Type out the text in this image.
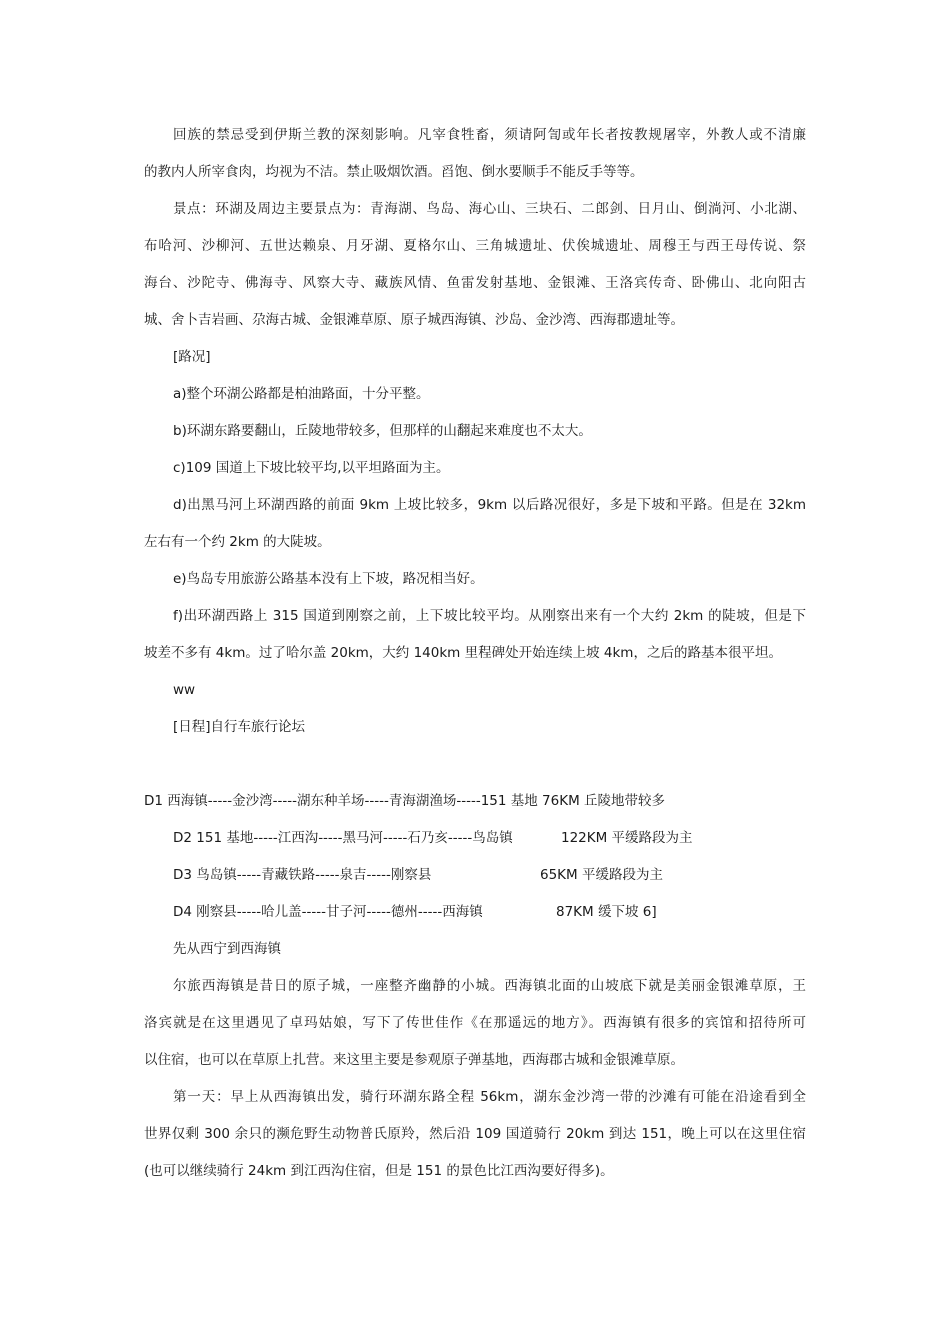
回族的禁忌受到伊斯兰教的深刻影响。凡宰食牲畜，须请阿訇或年长者按教规屠宰，外教人或不清廉
的教内人所宰食肉，均视为不洁。禁止吸烟饮酒。舀饱、倒水要顺手不能反手等等。
景点：环湖及周边主要景点为：青海湖、鸟岛、海心山、三块石、二郎剑、日月山、倒淌河、小北湖、
布哈河、沙柳河、五世达赖泉、月牙湖、夏格尔山、三角城遗址、伏俟城遗址、周穆王与西王母传说、祭
海台、沙陀寺、佛海寺、风察大寺、藏族风情、鱼雷发射基地、金银滩、王洛宾传奇、卧佛山、北向阳古
城、舍卜吉岩画、尕海古城、金银滩草原、原子城西海镇、沙岛、金沙湾、西海郡遗址等。
[路况]
a)整个环湖公路都是柏油路面，十分平整。
b)环湖东路要翻山，丘陵地带较多，但那样的山翻起来难度也不太大。
c)109 国道上下坡比较平均,以平坦路面为主。
d)出黑马河上环湖西路的前面 9km 上坡比较多，9km 以后路况很好，多是下坡和平路。但是在 32km
左右有一个约 2km 的大陡坡。
e)鸟岛专用旅游公路基本没有上下坡，路况相当好。
f)出环湖西路上 315 国道到刚察之前，上下坡比较平均。从刚察出来有一个大约 2km 的陡坡，但是下
坡差不多有 4km。过了哈尔盖 20km，大约 140km 里程碑处开始连续上坡 4km，之后的路基本很平坦。
ww
[日程]自行车旅行论坛
D1 西海镇-----金沙湾-----湖东种羊场-----青海湖渔场-----151 基地 76KM 丘陵地带较多
D2 151 基地-----江西沟-----黑马河-----石乃亥-----鸟岛镇	122KM 平缓路段为主
D3 鸟岛镇-----青藏铁路-----泉吉-----刚察县	65KM 平缓路段为主
D4 刚察县-----哈儿盖-----甘子河-----德州-----西海镇	87KM 缓下坡 6]
先从西宁到西海镇
尔旅西海镇是昔日的原子城，一座整齐幽静的小城。西海镇北面的山坡底下就是美丽金银滩草原，王
洛宾就是在这里遇见了卓玛姑娘，写下了传世佳作《在那遥远的地方》。西海镇有很多的宾馆和招待所可
以住宿，也可以在草原上扎营。来这里主要是参观原子弹基地，西海郡古城和金银滩草原。
第一天：早上从西海镇出发，骑行环湖东路全程 56km，湖东金沙湾一带的沙滩有可能在沿途看到全
世界仅剩 300 余只的濒危野生动物普氏原羚，然后沿 109 国道骑行 20km 到达 151，晚上可以在这里住宿
(也可以继续骑行 24km 到江西沟住宿，但是 151 的景色比江西沟要好得多)。
